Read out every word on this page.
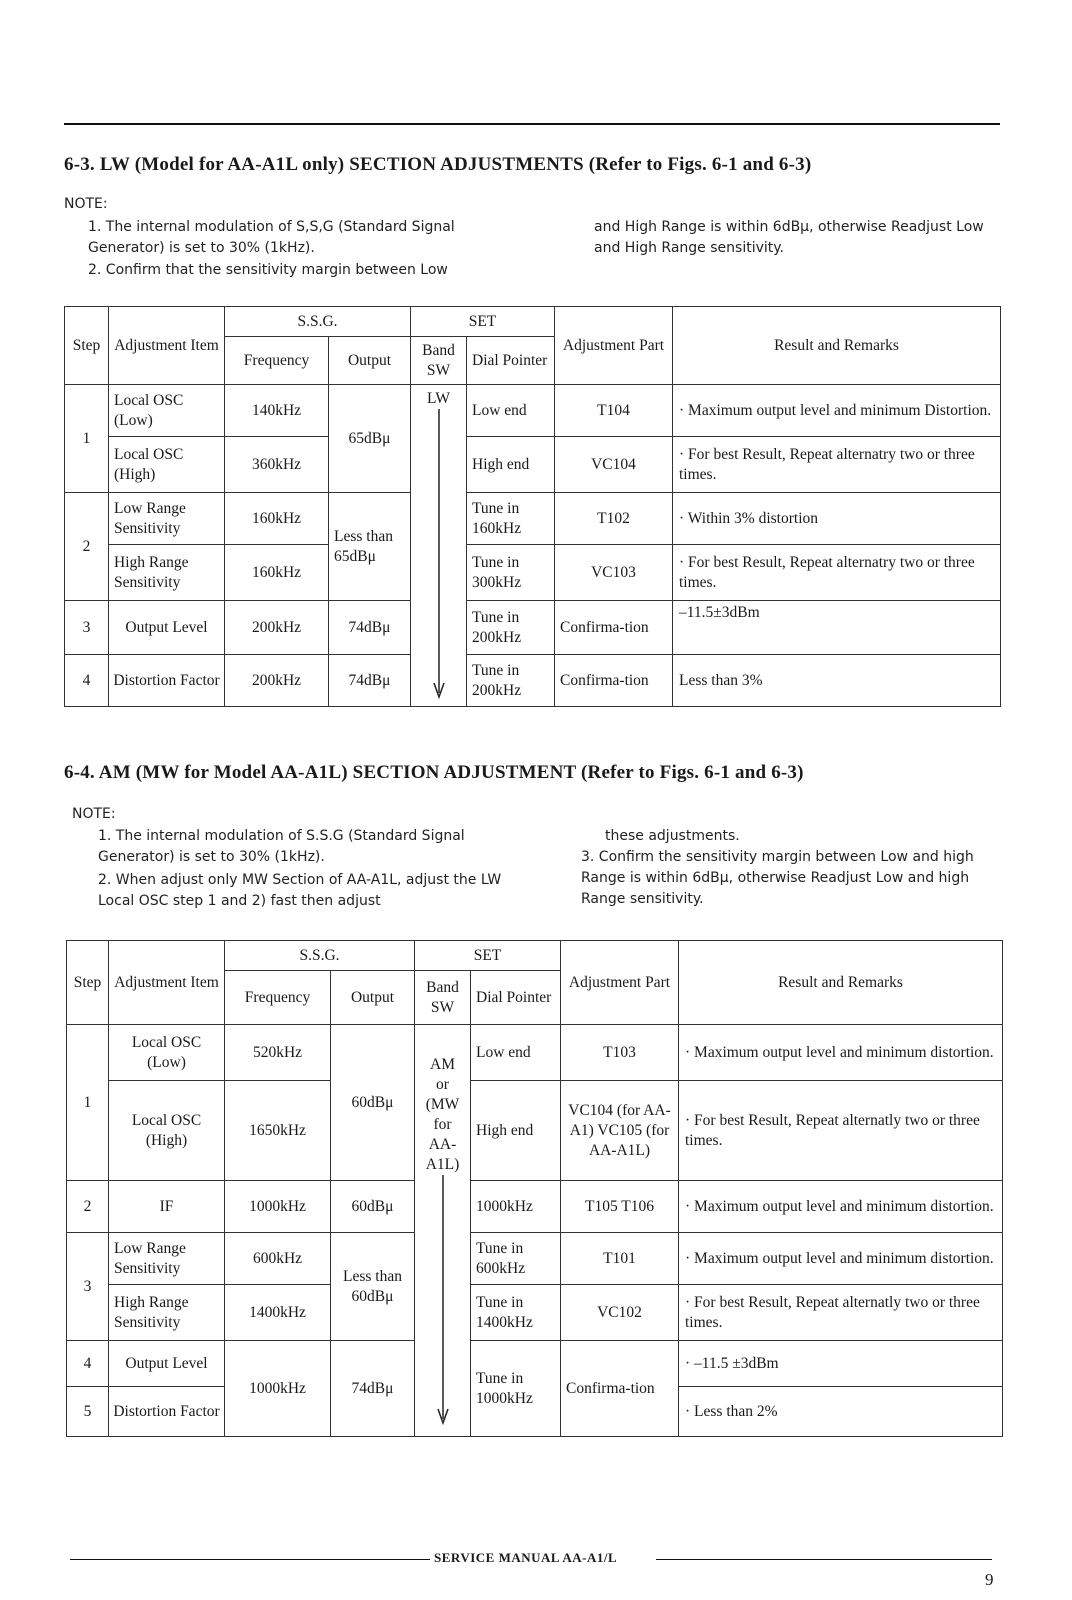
6-3. LW (Model for AA-A1L only) SECTION ADJUSTMENTS (Refer to Figs. 6-1 and 6-3)
NOTE:
1. The internal modulation of S,S,G (Standard Signal Generator) is set to 30% (1kHz).
2. Confirm that the sensitivity margin between Low
and High Range is within 6dBμ, otherwise Readjust Low and High Range sensitivity.
Step	Adjustment Item	S.S.G.		SET		Adjustment Part	Result and Remarks
		Frequency	Output	Band SW	Dial Pointer		
1	Local OSC (Low)	140kHz	65dBμ	LW	Low end	T104	· Maximum output level and minimum Distortion.
	Local OSC (High)	360kHz			High end	VC104	· For best Result, Repeat alternatry two or three times.
2	Low Range Sensitivity	160kHz	Less than 65dBμ		Tune in 160kHz	T102	· Within 3% distortion
	High Range Sensitivity	160kHz			Tune in 300kHz	VC103	· For best Result, Repeat alternatry two or three times.
3	Output Level	200kHz	74dBμ		Tune in 200kHz	Confirma-tion	–11.5±3dBm
4	Distortion Factor	200kHz	74dBμ		Tune in 200kHz	Confirma-tion	Less than 3%
6-4. AM (MW for Model AA-A1L) SECTION ADJUSTMENT (Refer to Figs. 6-1 and 6-3)
NOTE:
1. The internal modulation of S.S.G (Standard Signal Generator) is set to 30% (1kHz).
2. When adjust only MW Section of AA-A1L, adjust the LW Local OSC step 1 and 2) fast then adjust
these adjustments.
3. Confirm the sensitivity margin between Low and high Range is within 6dBμ, otherwise Readjust Low and high Range sensitivity.
Step	Adjustment Item	S.S.G.		SET		Adjustment Part	Result and Remarks
		Frequency	Output	Band SW	Dial Pointer		
1	Local OSC (Low)	520kHz	60dBμ	AM or (MW for AA-A1L)	Low end	T103	· Maximum output level and minimum distortion.
	Local OSC (High)	1650kHz			High end	VC104 (for AA-A1) VC105 (for AA-A1L)	· For best Result, Repeat alternatly two or three times.
2	IF	1000kHz	60dBμ		1000kHz	T105 T106	· Maximum output level and minimum distortion.
3	Low Range Sensitivity	600kHz	Less than 60dBμ		Tune in 600kHz	T101	· Maximum output level and minimum distortion.
	High Range Sensitivity	1400kHz			Tune in 1400kHz	VC102	· For best Result, Repeat alternatly two or three times.
4	Output Level	1000kHz	74dBμ		Tune in 1000kHz	Confirma-tion	· –11.5 ±3dBm
5	Distortion Factor						· Less than 2%
SERVICE MANUAL AA-A1/L
9
